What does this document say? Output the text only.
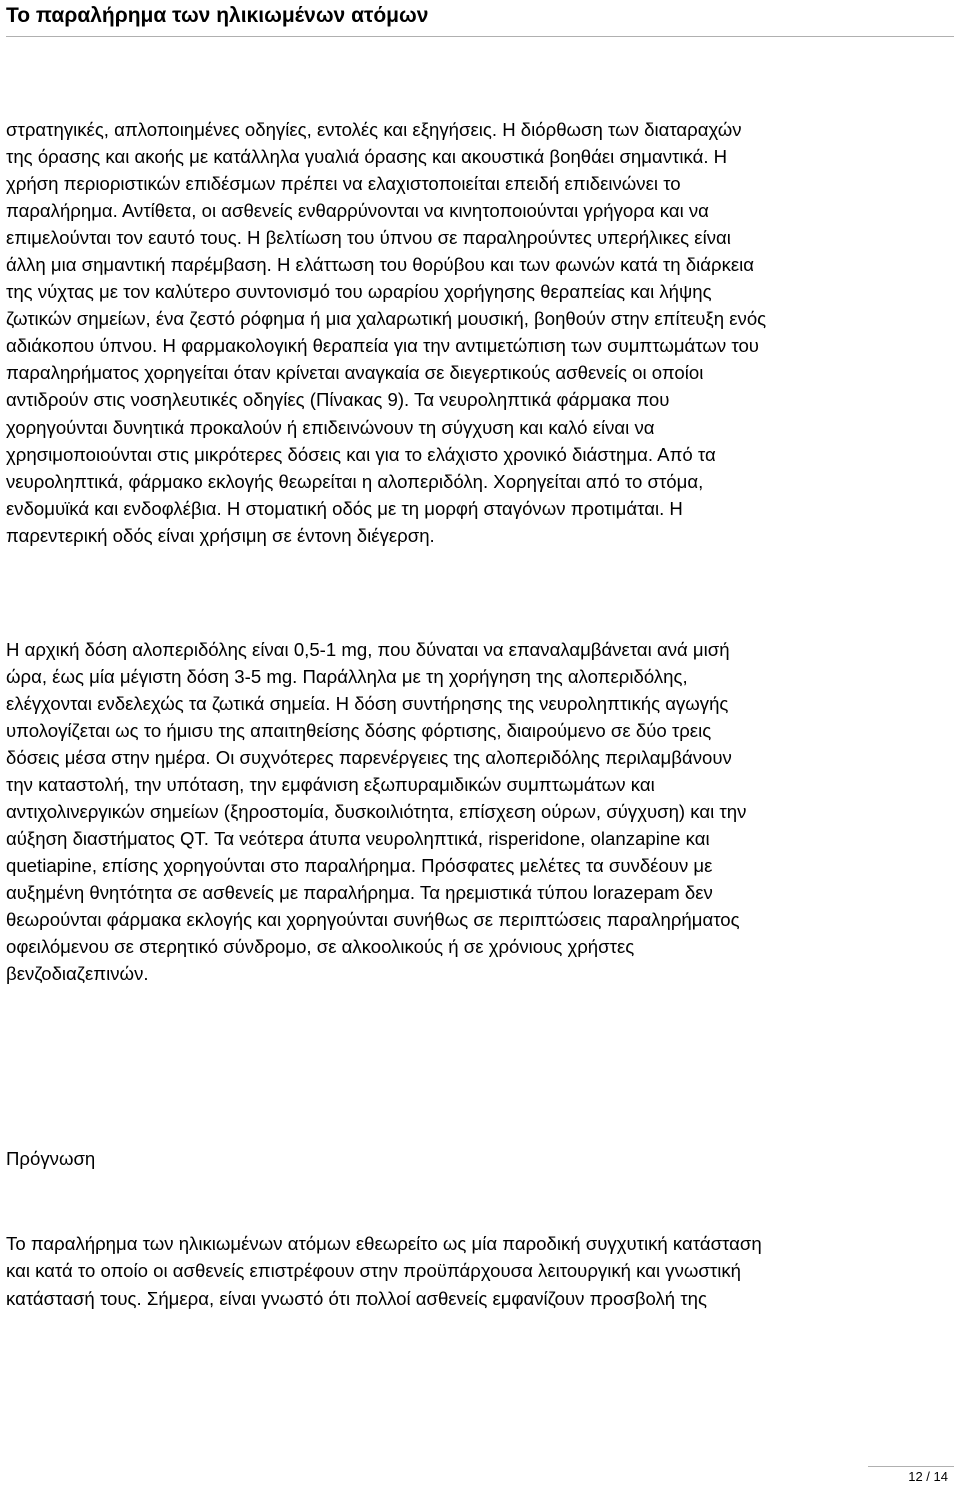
Το παραλήρημα των ηλικιωμένων ατόμων

στρατηγικές, απλοποιημένες οδηγίες, εντολές και εξηγήσεις. Η διόρθωση των διαταραχών
της όρασης και ακοής με κατάλληλα γυαλιά όρασης και ακουστικά βοηθάει σημαντικά. Η
χρήση περιοριστικών επιδέσμων πρέπει να ελαχιστοποιείται επειδή επιδεινώνει το
παραλήρημα. Αντίθετα, οι ασθενείς ενθαρρύνονται να κινητοποιούνται γρήγορα και να
επιμελούνται τον εαυτό τους. Η βελτίωση του ύπνου σε παραληρούντες υπερήλικες είναι
άλλη μια σημαντική παρέμβαση. Η ελάττωση του θορύβου και των φωνών κατά τη διάρκεια
της νύχτας με τον καλύτερο συντονισμό του ωραρίου χορήγησης θεραπείας και λήψης
ζωτικών σημείων, ένα ζεστό ρόφημα ή μια χαλαρωτική μουσική, βοηθούν στην επίτευξη ενός
αδιάκοπου ύπνου. Η φαρμακολογική θεραπεία για την αντιμετώπιση των συμπτωμάτων του
παραληρήματος χορηγείται όταν κρίνεται αναγκαία σε διεγερτικούς ασθενείς οι οποίοι
αντιδρούν στις νοσηλευτικές οδηγίες (Πίνακας 9). Τα νευροληπτικά φάρμακα που
χορηγούνται δυνητικά προκαλούν ή επιδεινώνουν τη σύγχυση και καλό είναι να
χρησιμοποιούνται στις μικρότερες δόσεις και για το ελάχιστο χρονικό διάστημα. Από τα
νευροληπτικά, φάρμακο εκλογής θεωρείται η αλοπεριδόλη. Χορηγείται από το στόμα,
ενδομυϊκά και ενδοφλέβια. Η στοματική οδός με τη μορφή σταγόνων προτιμάται. Η
παρεντερική οδός είναι χρήσιμη σε έντονη διέγερση.

Η αρχική δόση αλοπεριδόλης είναι 0,5-1 mg, που δύναται να επαναλαμβάνεται ανά μισή
ώρα, έως μία μέγιστη δόση 3-5 mg. Παράλληλα με τη χορήγηση της αλοπεριδόλης,
ελέγχονται ενδελεχώς τα ζωτικά σημεία. Η δόση συντήρησης της νευροληπτικής αγωγής
υπολογίζεται ως το ήμισυ της απαιτηθείσης δόσης φόρτισης, διαιρούμενο σε δύο τρεις
δόσεις μέσα στην ημέρα. Οι συχνότερες παρενέργειες της αλοπεριδόλης περιλαμβάνουν
την καταστολή, την υπόταση, την εμφάνιση εξωπυραμιδικών συμπτωμάτων και
αντιχολινεργικών σημείων (ξηροστομία, δυσκοιλιότητα, επίσχεση ούρων, σύγχυση) και την
αύξηση διαστήματος QT. Τα νεότερα άτυπα νευροληπτικά, risperidone, olanzapine και
quetiapine, επίσης χορηγούνται στο παραλήρημα. Πρόσφατες μελέτες τα συνδέουν με
αυξημένη θνητότητα σε ασθενείς με παραλήρημα. Τα ηρεμιστικά τύπου lorazepam δεν
θεωρούνται φάρμακα εκλογής και χορηγούνται συνήθως σε περιπτώσεις παραληρήματος
οφειλόμενου σε στερητικό σύνδρομο, σε αλκοολικούς ή σε χρόνιους χρήστες
βενζοδιαζεπινών.

Πρόγνωση

Το παραλήρημα των ηλικιωμένων ατόμων εθεωρείτο ως μία παροδική συγχυτική κατάσταση
και κατά το οποίο οι ασθενείς επιστρέφουν στην προϋπάρχουσα λειτουργική και γνωστική
κατάστασή τους. Σήμερα, είναι γνωστό ότι πολλοί ασθενείς εμφανίζουν προσβολή της

12 / 14
